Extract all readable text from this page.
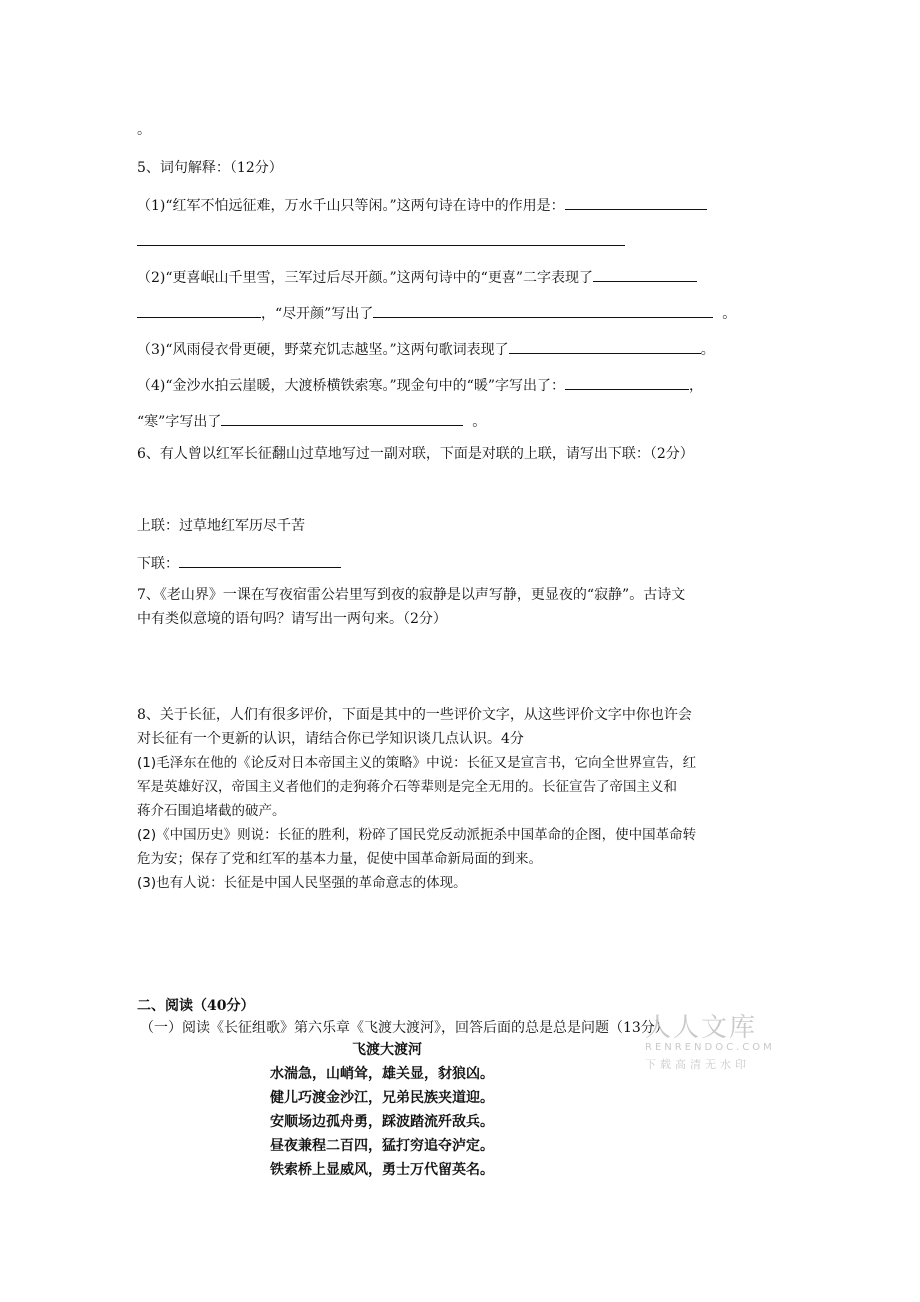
。
5、词句解释：（12分）
（1)“红军不怕远征难，万水千山只等闲。”这两句诗在诗中的作用是：
（2)“更喜岷山千里雪，三军过后尽开颜。”这两句诗中的“更喜”二字表现了
，“尽开颜”写出了	。
（3)“风雨侵衣骨更硬，野菜充饥志越坚。”这两句歌词表现了	。
（4)“金沙水拍云崖暖，大渡桥横铁索寒。”现金句中的“暖”字写出了：	，
“寒”字写出了	。
6、有人曾以红军长征翻山过草地写过一副对联，下面是对联的上联，请写出下联：（2分）
上联：过草地红军历尽千苦
下联：
7、《老山界》一课在写夜宿雷公岩里写到夜的寂静是以声写静，更显夜的“寂静”。古诗文
中有类似意境的语句吗？请写出一两句来。（2分）
8、关于长征，人们有很多评价，下面是其中的一些评价文字，从这些评价文字中你也许会
对长征有一个更新的认识，请结合你已学知识谈几点认识。4分
(1)毛泽东在他的《论反对日本帝国主义的策略》中说：长征又是宣言书，它向全世界宣告，红
军是英雄好汉，帝国主义者他们的走狗蒋介石等辈则是完全无用的。长征宣告了帝国主义和
蒋介石围追堵截的破产。
(2)《中国历史》则说：长征的胜利，粉碎了国民党反动派扼杀中国革命的企图，使中国革命转
危为安；保存了党和红军的基本力量，促使中国革命新局面的到来。
(3)也有人说：长征是中国人民坚强的革命意志的体现。
二、阅读（40分）
（一）阅读《长征组歌》第六乐章《飞渡大渡河》，回答后面的总是总是问题（13分）
飞渡大渡河
水湍急，山峭耸，雄关显，豺狼凶。
健儿巧渡金沙江，兄弟民族夹道迎。
安顺场边孤舟勇，踩波踏流歼敌兵。
昼夜兼程二百四，猛打穷追夺泸定。
铁索桥上显威风，勇士万代留英名。
人人文库
RENRENDOC.COM
下载高清无水印
